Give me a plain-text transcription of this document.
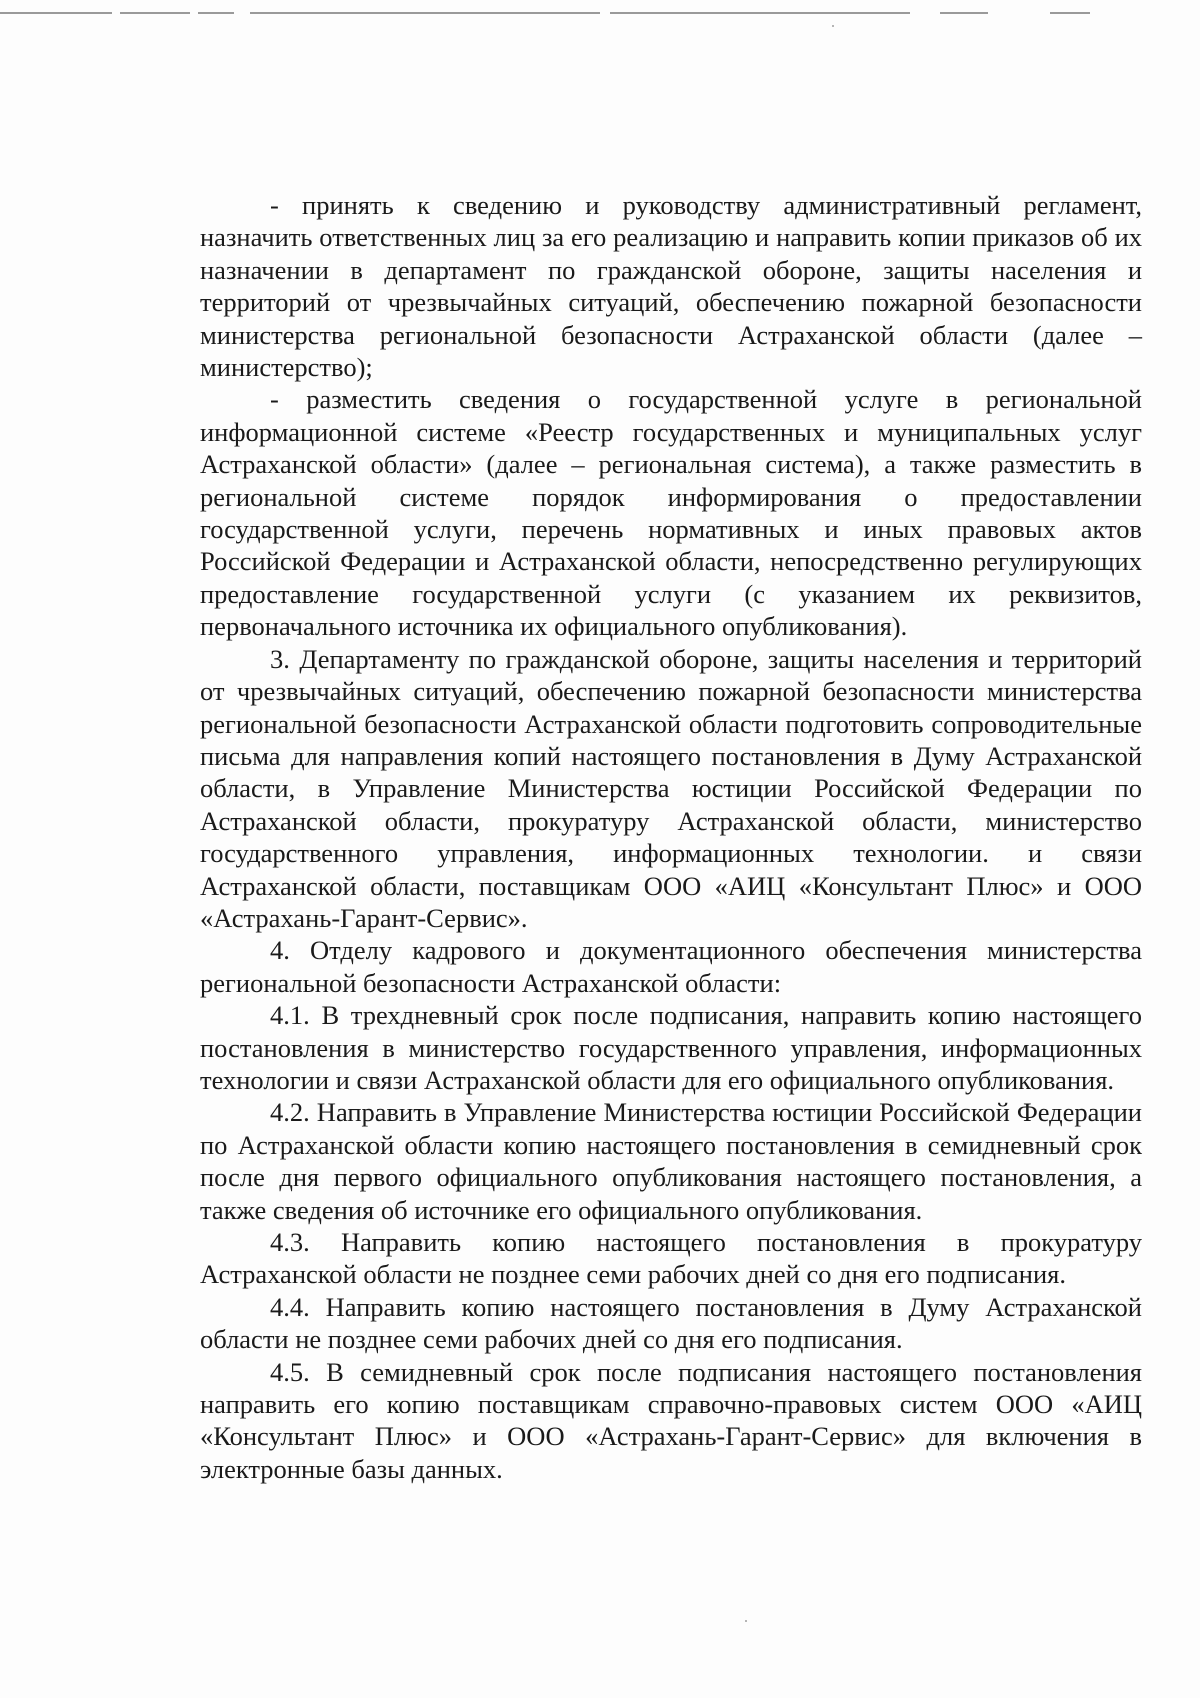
- принять к сведению и руководству административный регламент, назначить ответственных лиц за его реализацию и направить копии приказов об их назначении в департамент по гражданской обороне, защиты населения и территорий от чрезвычайных ситуаций, обеспечению пожарной безопасности министерства региональной безопасности Астраханской области (далее – министерство);

- разместить сведения о государственной услуге в региональной информационной системе «Реестр государственных и муниципальных услуг Астраханской области» (далее – региональная система), а также разместить в региональной системе порядок информирования о предоставлении государственной услуги, перечень нормативных и иных правовых актов Российской Федерации и Астраханской области, непосредственно регулирующих предоставление государственной услуги (с указанием их реквизитов, первоначального источника их официального опубликования).

3. Департаменту по гражданской обороне, защиты населения и территорий от чрезвычайных ситуаций, обеспечению пожарной безопасности министерства региональной безопасности Астраханской области подготовить сопроводительные письма для направления копий настоящего постановления в Думу Астраханской области, в Управление Министерства юстиции Российской Федерации по Астраханской области, прокуратуру Астраханской области, министерство государственного управления, информационных технологии. и связи Астраханской области, поставщикам ООО «АИЦ «Консультант Плюс» и ООО «Астрахань-Гарант-Сервис».

4. Отделу кадрового и документационного обеспечения министерства региональной безопасности Астраханской области:

4.1. В трехдневный срок после подписания, направить копию настоящего постановления в министерство государственного управления, информационных технологии и связи Астраханской области для его официального опубликования.

4.2. Направить в Управление Министерства юстиции Российской Федерации по Астраханской области копию настоящего постановления в семидневный срок после дня первого официального опубликования настоящего постановления, а также сведения об источнике его официального опубликования.

4.3. Направить копию настоящего постановления в прокуратуру Астраханской области не позднее семи рабочих дней со дня его подписания.

4.4. Направить копию настоящего постановления в Думу Астраханской области не позднее семи рабочих дней со дня его подписания.

4.5. В семидневный срок после подписания настоящего постановления направить его копию поставщикам справочно-правовых систем ООО «АИЦ «Консультант Плюс» и ООО «Астрахань-Гарант-Сервис» для включения в электронные базы данных.
